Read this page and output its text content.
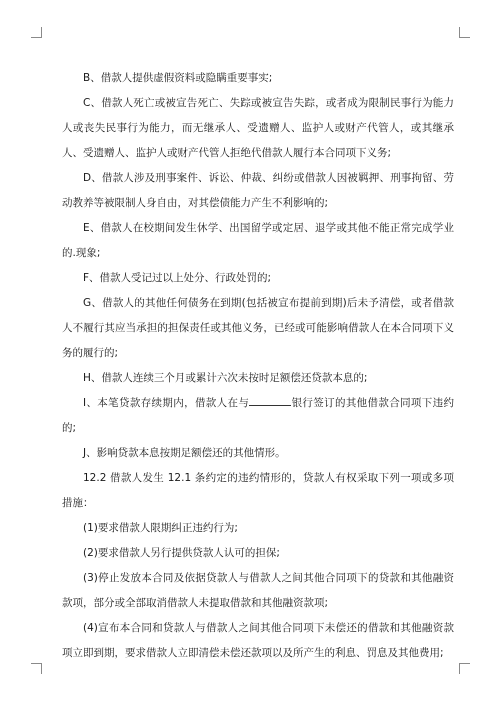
B、借款人提供虚假资料或隐瞒重要事实;

C、借款人死亡或被宣告死亡、失踪或被宣告失踪，或者成为限制民事行为能力人或丧失民事行为能力，而无继承人、受遗赠人、监护人或财产代管人，或其继承人、受遗赠人、监护人或财产代管人拒绝代借款人履行本合同项下义务;

D、借款人涉及刑事案件、诉讼、仲裁、纠纷或借款人因被羁押、刑事拘留、劳动教养等被限制人身自由，对其偿债能力产生不利影响的;

E、借款人在校期间发生休学、出国留学或定居、退学或其他不能正常完成学业的.现象;

F、借款人受记过以上处分、行政处罚的;

G、借款人的其他任何债务在到期(包括被宣布提前到期)后未予清偿，或者借款人不履行其应当承担的担保责任或其他义务，已经或可能影响借款人在本合同项下义务的履行的;

H、借款人连续三个月或累计六次未按时足额偿还贷款本息的;

I、本笔贷款存续期内，借款人在与	银行签订的其他借款合同项下违约的;

J、影响贷款本息按期足额偿还的其他情形。

12.2 借款人发生 12.1 条约定的违约情形的，贷款人有权采取下列一项或多项措施：

(1)要求借款人限期纠正违约行为;

(2)要求借款人另行提供贷款人认可的担保;

(3)停止发放本合同及依据贷款人与借款人之间其他合同项下的贷款和其他融资款项，部分或全部取消借款人未提取借款和其他融资款项;

(4)宣布本合同和贷款人与借款人之间其他合同项下未偿还的借款和其他融资款项立即到期，要求借款人立即清偿未偿还款项以及所产生的利息、罚息及其他费用;
